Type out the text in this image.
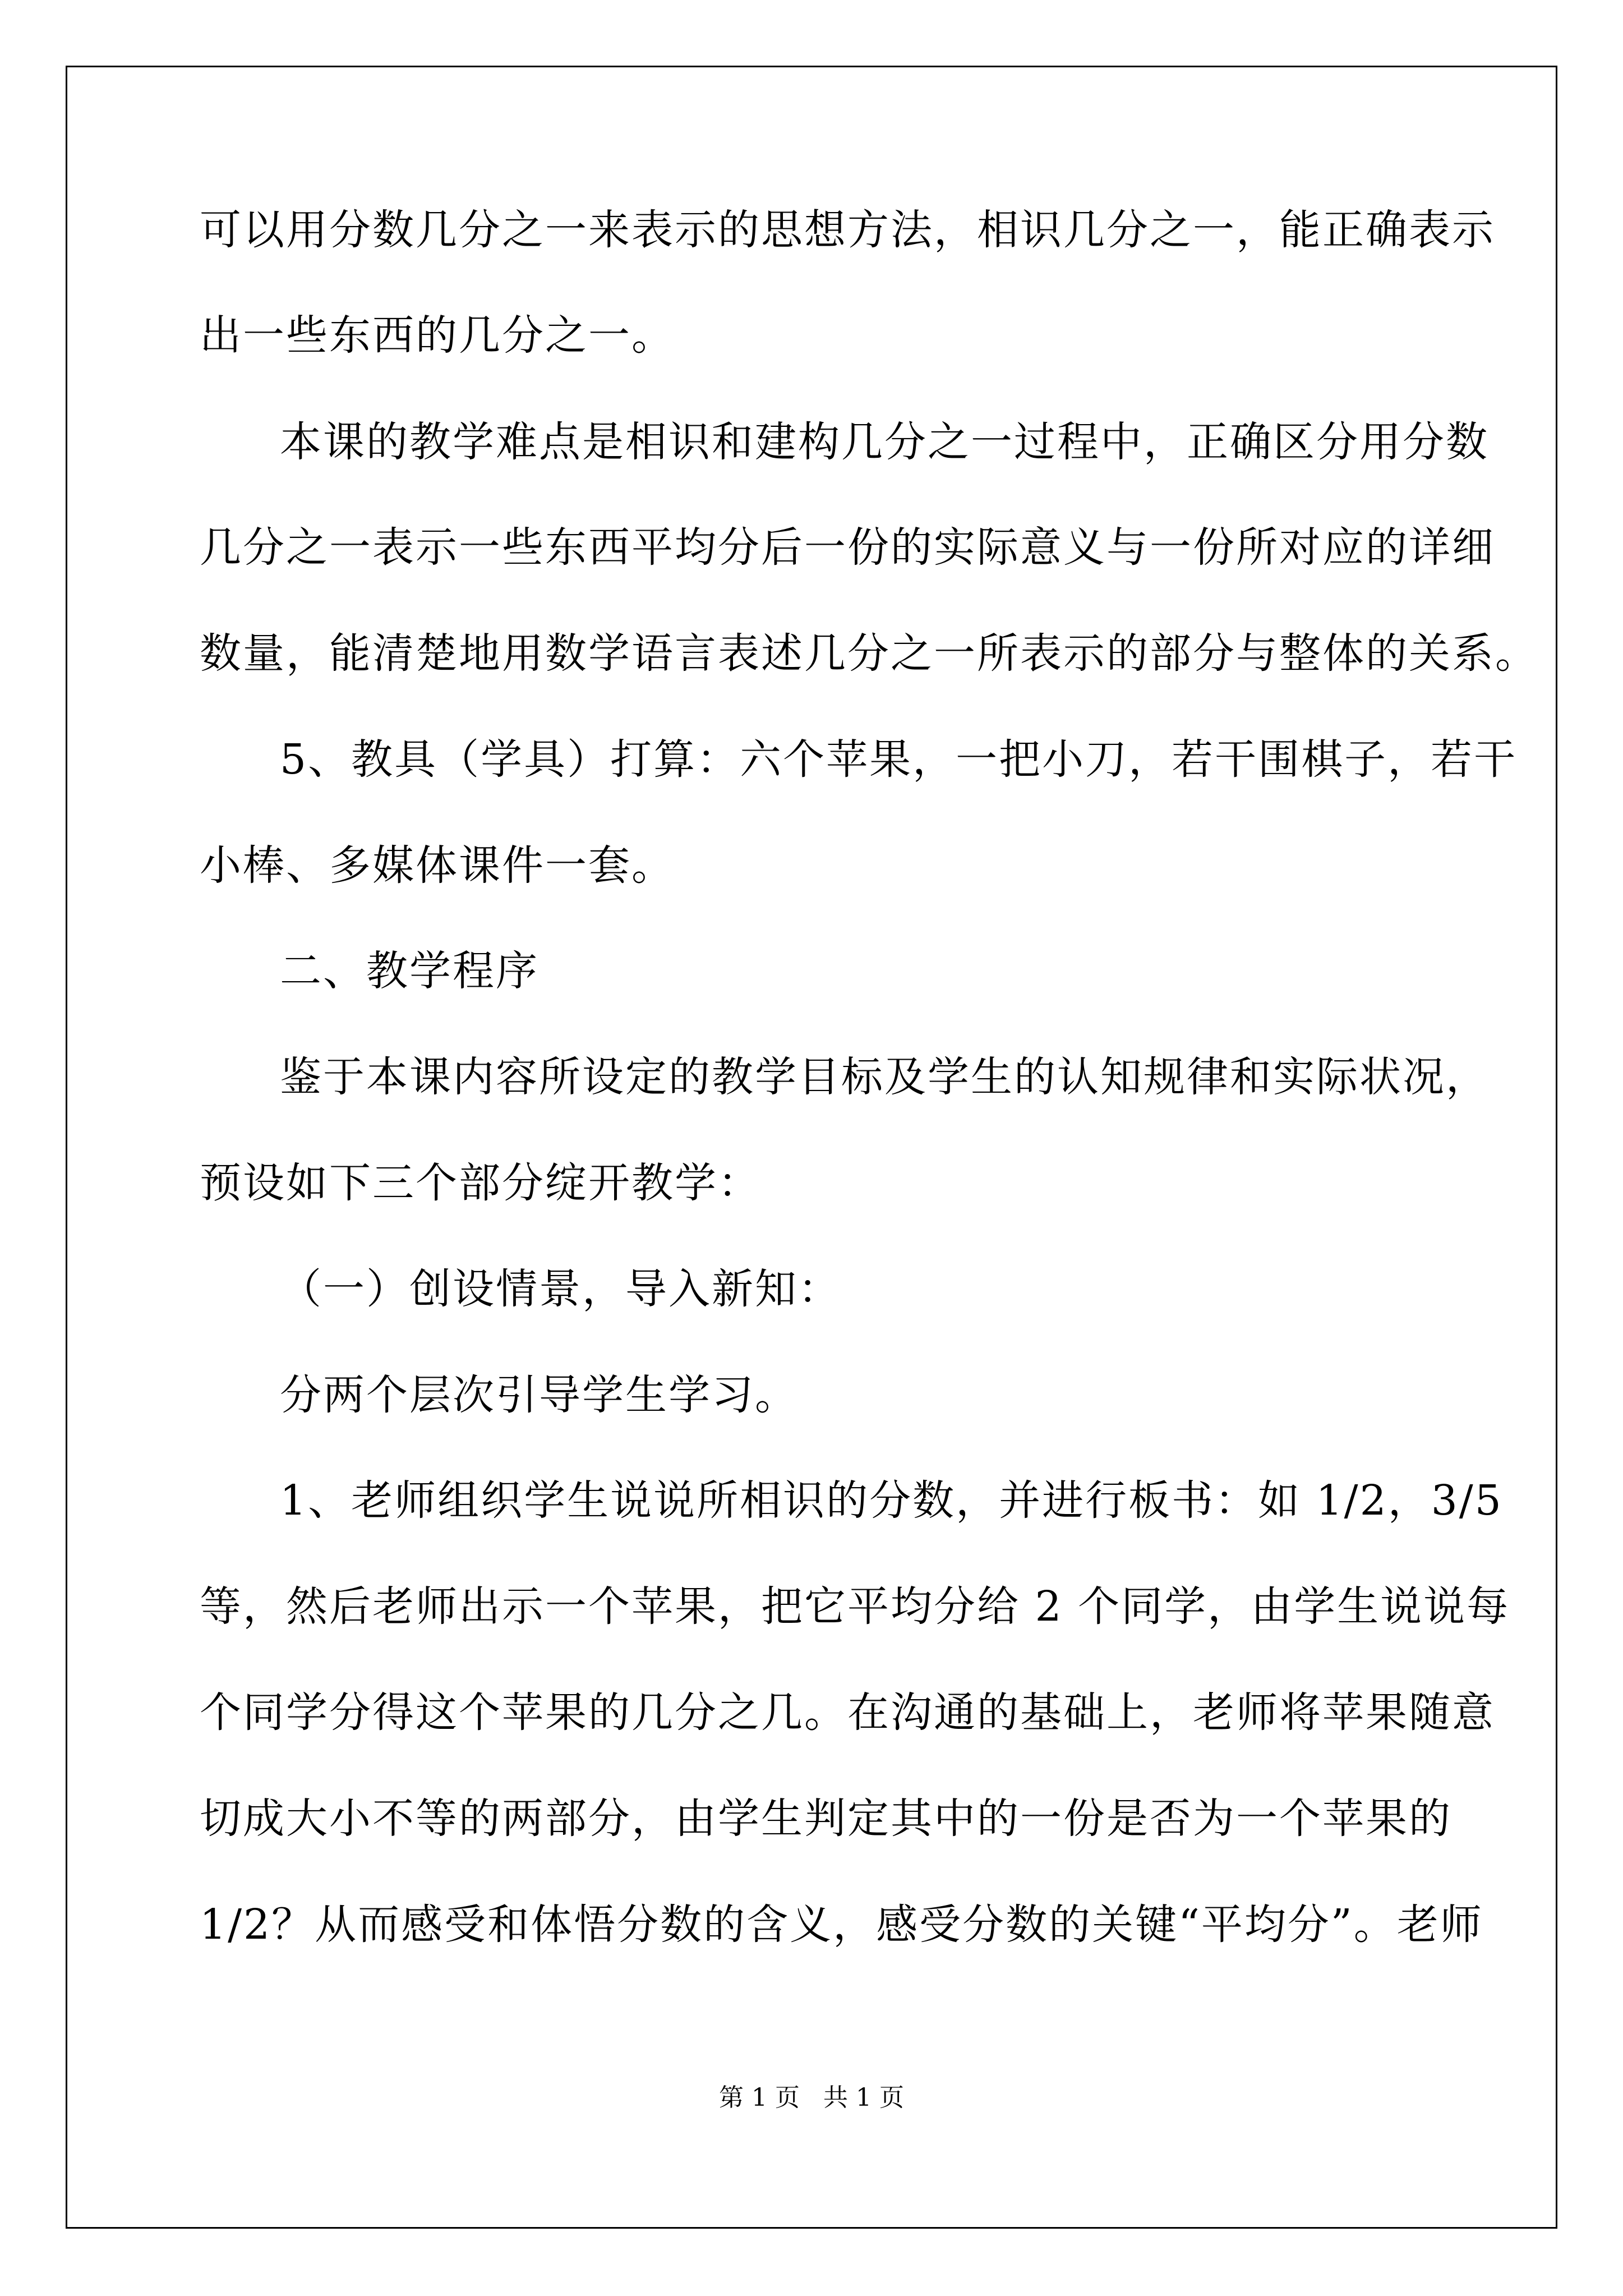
可以用分数几分之一来表示的思想方法，相识几分之一，能正确表示
出一些东西的几分之一。
本课的教学难点是相识和建构几分之一过程中，正确区分用分数
几分之一表示一些东西平均分后一份的实际意义与一份所对应的详细
数量，能清楚地用数学语言表述几分之一所表示的部分与整体的关系。
5、教具（学具）打算：六个苹果，一把小刀，若干围棋子，若干
小棒、多媒体课件一套。
二、教学程序
鉴于本课内容所设定的教学目标及学生的认知规律和实际状况，
预设如下三个部分绽开教学：
（一）创设情景，导入新知：
分两个层次引导学生学习。
1、老师组织学生说说所相识的分数，并进行板书：如 1/2，3/5
等，然后老师出示一个苹果，把它平均分给 2 个同学，由学生说说每
个同学分得这个苹果的几分之几。在沟通的基础上，老师将苹果随意
切成大小不等的两部分，由学生判定其中的一份是否为一个苹果的
1/2？从而感受和体悟分数的含义，感受分数的关键“平均分”。老师
第 1 页 共 1 页
